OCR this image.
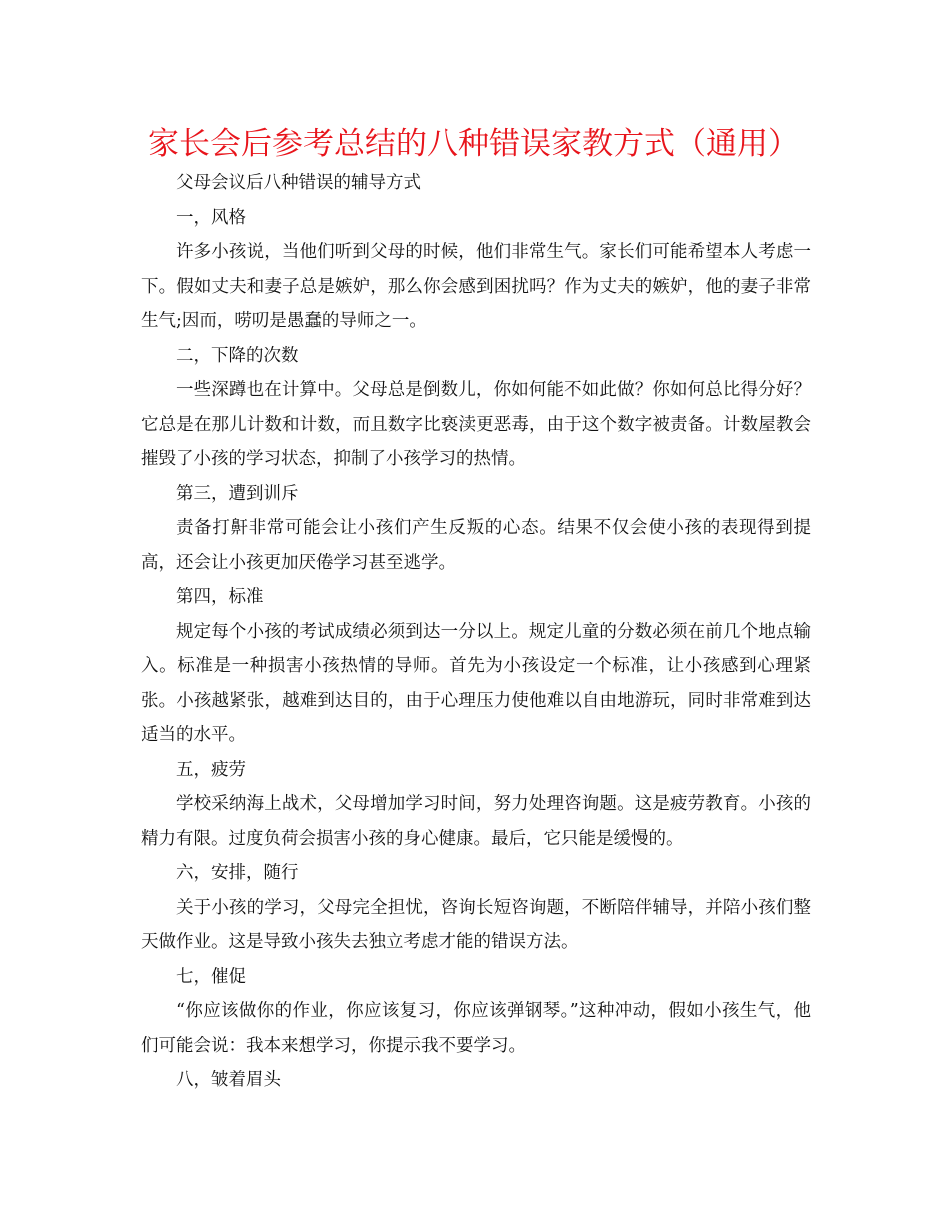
家长会后参考总结的八种错误家教方式（通用）

父母会议后八种错误的辅导方式

一，风格

许多小孩说，当他们听到父母的时候，他们非常生气。家长们可能希望本人考虑一下。假如丈夫和妻子总是嫉妒，那么你会感到困扰吗？作为丈夫的嫉妒，他的妻子非常生气;因而，唠叨是愚蠢的导师之一。

二，下降的次数

一些深蹲也在计算中。父母总是倒数儿，你如何能不如此做？你如何总比得分好？它总是在那儿计数和计数，而且数字比亵渎更恶毒，由于这个数字被责备。计数屋教会摧毁了小孩的学习状态，抑制了小孩学习的热情。

第三，遭到训斥

责备打鼾非常可能会让小孩们产生反叛的心态。结果不仅会使小孩的表现得到提高，还会让小孩更加厌倦学习甚至逃学。

第四，标准

规定每个小孩的考试成绩必须到达一分以上。规定儿童的分数必须在前几个地点输入。标准是一种损害小孩热情的导师。首先为小孩设定一个标准，让小孩感到心理紧张。小孩越紧张，越难到达目的，由于心理压力使他难以自由地游玩，同时非常难到达适当的水平。

五，疲劳

学校采纳海上战术，父母增加学习时间，努力处理咨询题。这是疲劳教育。小孩的精力有限。过度负荷会损害小孩的身心健康。最后，它只能是缓慢的。

六，安排，随行

关于小孩的学习，父母完全担忧，咨询长短咨询题，不断陪伴辅导，并陪小孩们整天做作业。这是导致小孩失去独立考虑才能的错误方法。

七，催促

“你应该做你的作业，你应该复习，你应该弹钢琴。”这种冲动，假如小孩生气，他们可能会说：我本来想学习，你提示我不要学习。

八，皱着眉头
